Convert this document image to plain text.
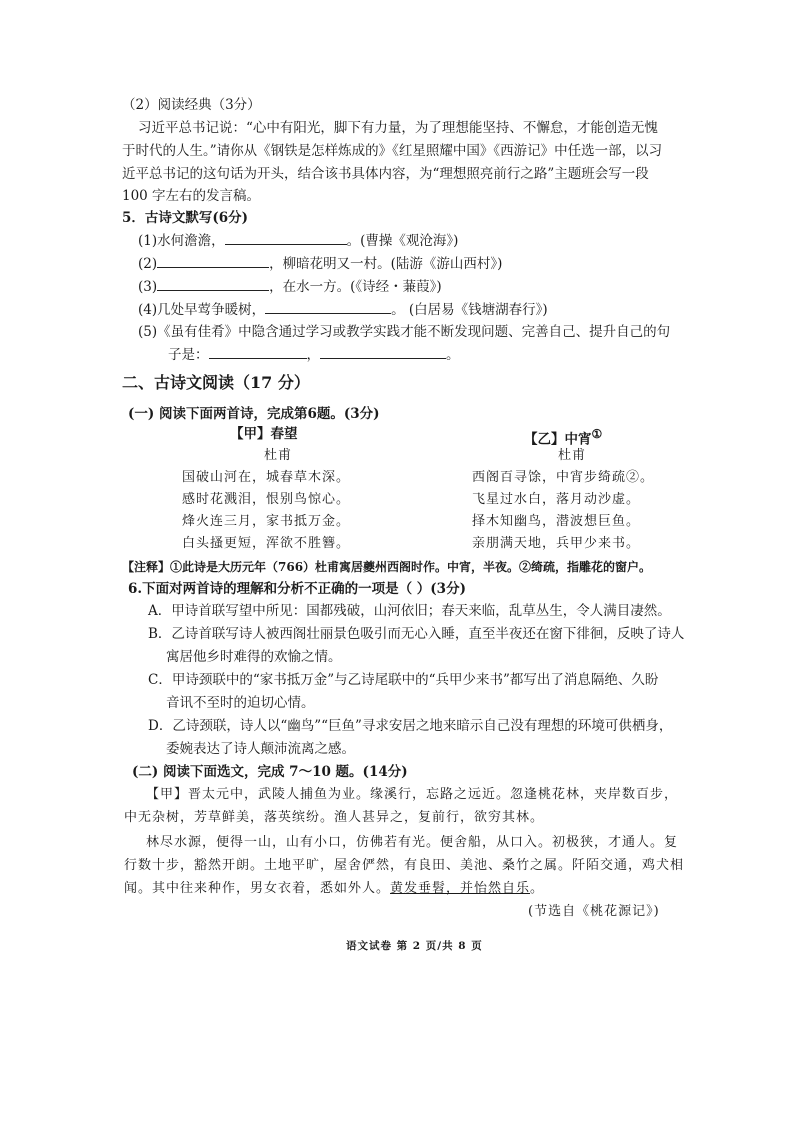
（2）阅读经典（3分）
习近平总书记说：“心中有阳光，脚下有力量，为了理想能坚持、不懈怠，才能创造无愧
于时代的人生。”请你从《钢铁是怎样炼成的》《红星照耀中国》《西游记》中任选一部，以习
近平总书记的这句话为开头，结合该书具体内容，为“理想照亮前行之路”主题班会写一段
100 字左右的发言稿。
5．古诗文默写(6分)
(1)水何澹澹，	。(曹操《观沧海》)
(2)	，柳暗花明又一村。(陆游《游山西村》)
(3)	，在水一方。(《诗经・蒹葭》)
(4)几处早莺争暖树，	。 (白居易《钱塘湖春行》)
(5)《虽有佳肴》中隐含通过学习或教学实践才能不断发现问题、完善自己、提升自己的句
子是：	，	。
二、古诗文阅读（17 分）
(一) 阅读下面两首诗，完成第6题。(3分)
【甲】春望
杜甫
国破山河在，城春草木深。
感时花溅泪，恨别鸟惊心。
烽火连三月，家书抵万金。
白头搔更短，浑欲不胜簪。
【乙】中宵①
杜甫
西阁百寻馀，中宵步绮疏②。
飞星过水白，落月动沙虚。
择木知幽鸟，潜波想巨鱼。
亲朋满天地，兵甲少来书。
【注释】①此诗是大历元年（766）杜甫寓居夔州西阁时作。中宵，半夜。②绮疏，指雕花的窗户。
6.下面对两首诗的理解和分析不正确的一项是（ ）(3分)
A．甲诗首联写望中所见：国都残破，山河依旧；春天来临，乱草丛生，令人满目凄然。
B．乙诗首联写诗人被西阁壮丽景色吸引而无心入睡，直至半夜还在窗下徘徊，反映了诗人
寓居他乡时难得的欢愉之情。
C．甲诗颈联中的“家书抵万金”与乙诗尾联中的“兵甲少来书”都写出了消息隔绝、久盼
音讯不至时的迫切心情。
D．乙诗颈联，诗人以“幽鸟”“巨鱼”寻求安居之地来暗示自己没有理想的环境可供栖身，
委婉表达了诗人颠沛流离之感。
(二) 阅读下面选文，完成 7～10 题。(14分)
【甲】晋太元中，武陵人捕鱼为业。缘溪行，忘路之远近。忽逢桃花林，夹岸数百步，
中无杂树，芳草鲜美，落英缤纷。渔人甚异之，复前行，欲穷其林。
林尽水源，便得一山，山有小口，仿佛若有光。便舍船，从口入。初极狭，才通人。复
行数十步，豁然开朗。土地平旷，屋舍俨然，有良田、美池、桑竹之属。阡陌交通，鸡犬相
闻。其中往来种作，男女衣着，悉如外人。黄发垂髫，并怡然自乐。
(节选自《桃花源记》)
语文试卷 第 2 页/共 8 页
